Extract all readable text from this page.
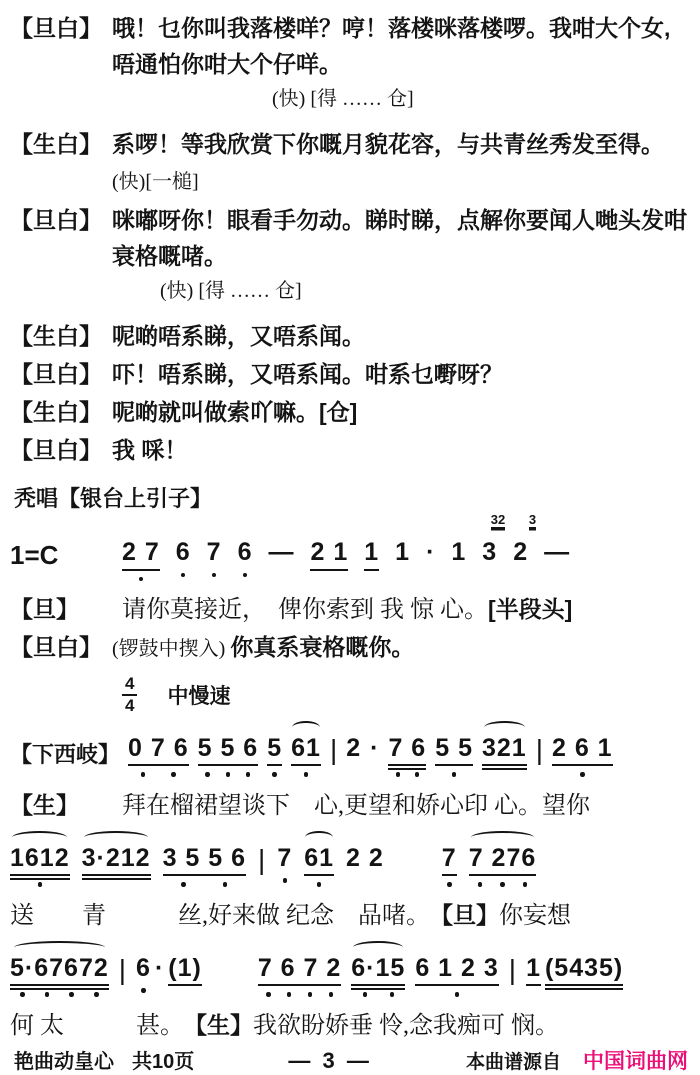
【旦白】 哦！乜你叫我落楼咩？哼！落楼咪落楼啰。我咁大个女,唔通怕你咁大个仔咩。
(快) [得 …… 仓]
【生白】 系啰！等我欣赏下你嘅月貌花容，与共青丝秀发至得。(快)[一槌]
【旦白】 咪嘟呀你！眼看手勿动。睇时睇，点解你要闻人哋头发咁衰格嘅啫。
(快) [得 …… 仓]
【生白】 呢啲唔系睇，又唔系闻。
【旦白】 吓！唔系睇，又唔系闻。咁系乜嘢呀？
【生白】 呢啲就叫做索吖嘛。[仓]
【旦白】 我 啋！
秃唱【银台上引子】
1=C	2 7 6 7 6 — 2 1 1 1 · 1
32
3
3
2 —
【旦】	请你莫接近，　俾你索到 我 惊 心。 [半段头]
【旦白】 (锣鼓中揳入) 你真系衰格嘅你。
$\frac{4}{4}$ 中慢速
【下西岐】 0 7 6 5 5 6 5 61 | 2 · 7 6 5 5 321 | 2 6 1
【生】	拜在榴裙望谈下　心,更望和娇心印 心。望你
1612 3·212 3 5 5 6 | 7 61 2 2 7 7 276
送　　青　　　丝,好来做 纪念　品啫。 【旦】 你妄想
5·67672 | 6 · (1) 7 6 7 2 6·15 6 1 2 3 | 1 (5435)
何 太　　　甚。 【生】 我欲盼娇垂 怜,念我痴可 悯。
艳曲动皇心 共10页	— 3 —	本曲谱源自 中国词曲网
